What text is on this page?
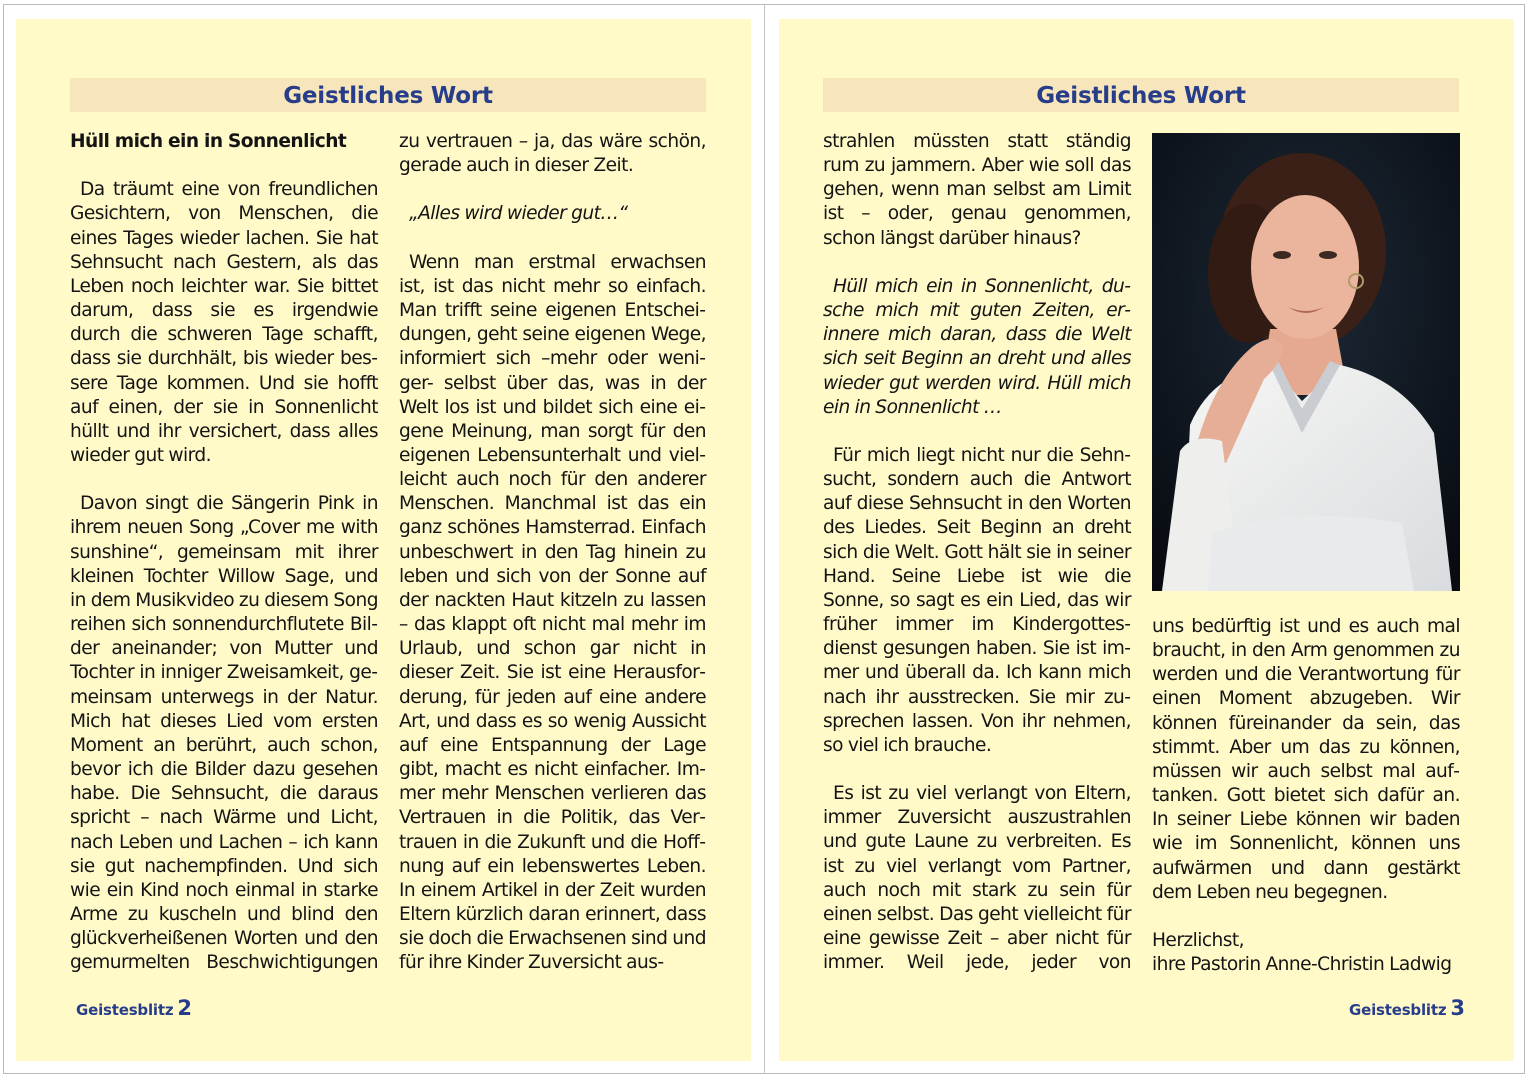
Geistliches Wort

Hüll mich ein in Sonnenlicht

Da träumt eine von freundlichen Gesichtern, von Menschen, die eines Tages wieder lachen. Sie hat Sehnsucht nach Gestern, als das Leben noch leichter war. Sie bittet darum, dass sie es irgendwie durch die schweren Tage schafft, dass sie durchhält, bis wieder bessere Tage kommen. Und sie hofft auf einen, der sie in Sonnenlicht hüllt und ihr versichert, dass alles wieder gut wird.

Davon singt die Sängerin Pink in ihrem neuen Song „Cover me with sunshine“, gemeinsam mit ihrer kleinen Tochter Willow Sage, und in dem Musikvideo zu diesem Song reihen sich sonnendurchflutete Bilder aneinander; von Mutter und Tochter in inniger Zweisamkeit, gemeinsam unterwegs in der Natur. Mich hat dieses Lied vom ersten Moment an berührt, auch schon, bevor ich die Bilder dazu gesehen habe. Die Sehnsucht, die daraus spricht – nach Wärme und Licht, nach Leben und Lachen – ich kann sie gut nachempfinden. Und sich wie ein Kind noch einmal in starke Arme zu kuscheln und blind den glückverheißenen Worten und den gemurmelten Beschwichtigungen

zu vertrauen – ja, das wäre schön, gerade auch in dieser Zeit.

„Alles wird wieder gut…“

Wenn man erstmal erwachsen ist, ist das nicht mehr so einfach. Man trifft seine eigenen Entscheidungen, geht seine eigenen Wege, informiert sich –mehr oder weniger- selbst über das, was in der Welt los ist und bildet sich eine eigene Meinung, man sorgt für den eigenen Lebensunterhalt und vielleicht auch noch für den anderer Menschen. Manchmal ist das ein ganz schönes Hamsterrad. Einfach unbeschwert in den Tag hinein zu leben und sich von der Sonne auf der nackten Haut kitzeln zu lassen – das klappt oft nicht mal mehr im Urlaub, und schon gar nicht in dieser Zeit. Sie ist eine Herausforderung, für jeden auf eine andere Art, und dass es so wenig Aussicht auf eine Entspannung der Lage gibt, macht es nicht einfacher. Immer mehr Menschen verlieren das Vertrauen in die Politik, das Vertrauen in die Zukunft und die Hoffnung auf ein lebenswertes Leben. In einem Artikel in der Zeit wurden Eltern kürzlich daran erinnert, dass sie doch die Erwachsenen sind und für ihre Kinder Zuversicht aus-

Geistesblitz 2
Geistliches Wort

strahlen müssten statt ständig rum zu jammern. Aber wie soll das gehen, wenn man selbst am Limit ist – oder, genau genommen, schon längst darüber hinaus?

Hüll mich ein in Sonnenlicht, dusche mich mit guten Zeiten, erinnere mich daran, dass die Welt sich seit Beginn an dreht und alles wieder gut werden wird. Hüll mich ein in Sonnenlicht …

Für mich liegt nicht nur die Sehnsucht, sondern auch die Antwort auf diese Sehnsucht in den Worten des Liedes. Seit Beginn an dreht sich die Welt. Gott hält sie in seiner Hand. Seine Liebe ist wie die Sonne, so sagt es ein Lied, das wir früher immer im Kindergottesdienst gesungen haben. Sie ist immer und überall da. Ich kann mich nach ihr ausstrecken. Sie mir zusprechen lassen. Von ihr nehmen, so viel ich brauche.

Es ist zu viel verlangt von Eltern, immer Zuversicht auszustrahlen und gute Laune zu verbreiten. Es ist zu viel verlangt vom Partner, auch noch mit stark zu sein für einen selbst. Das geht vielleicht für eine gewisse Zeit – aber nicht für immer. Weil jede, jeder von

uns bedürftig ist und es auch mal braucht, in den Arm genommen zu werden und die Verantwortung für einen Moment abzugeben. Wir können füreinander da sein, das stimmt. Aber um das zu können, müssen wir auch selbst mal auftanken. Gott bietet sich dafür an. In seiner Liebe können wir baden wie im Sonnenlicht, können uns aufwärmen und dann gestärkt dem Leben neu begegnen.

Herzlichst,

ihre Pastorin Anne-Christin Ladwig

Geistesblitz 3
